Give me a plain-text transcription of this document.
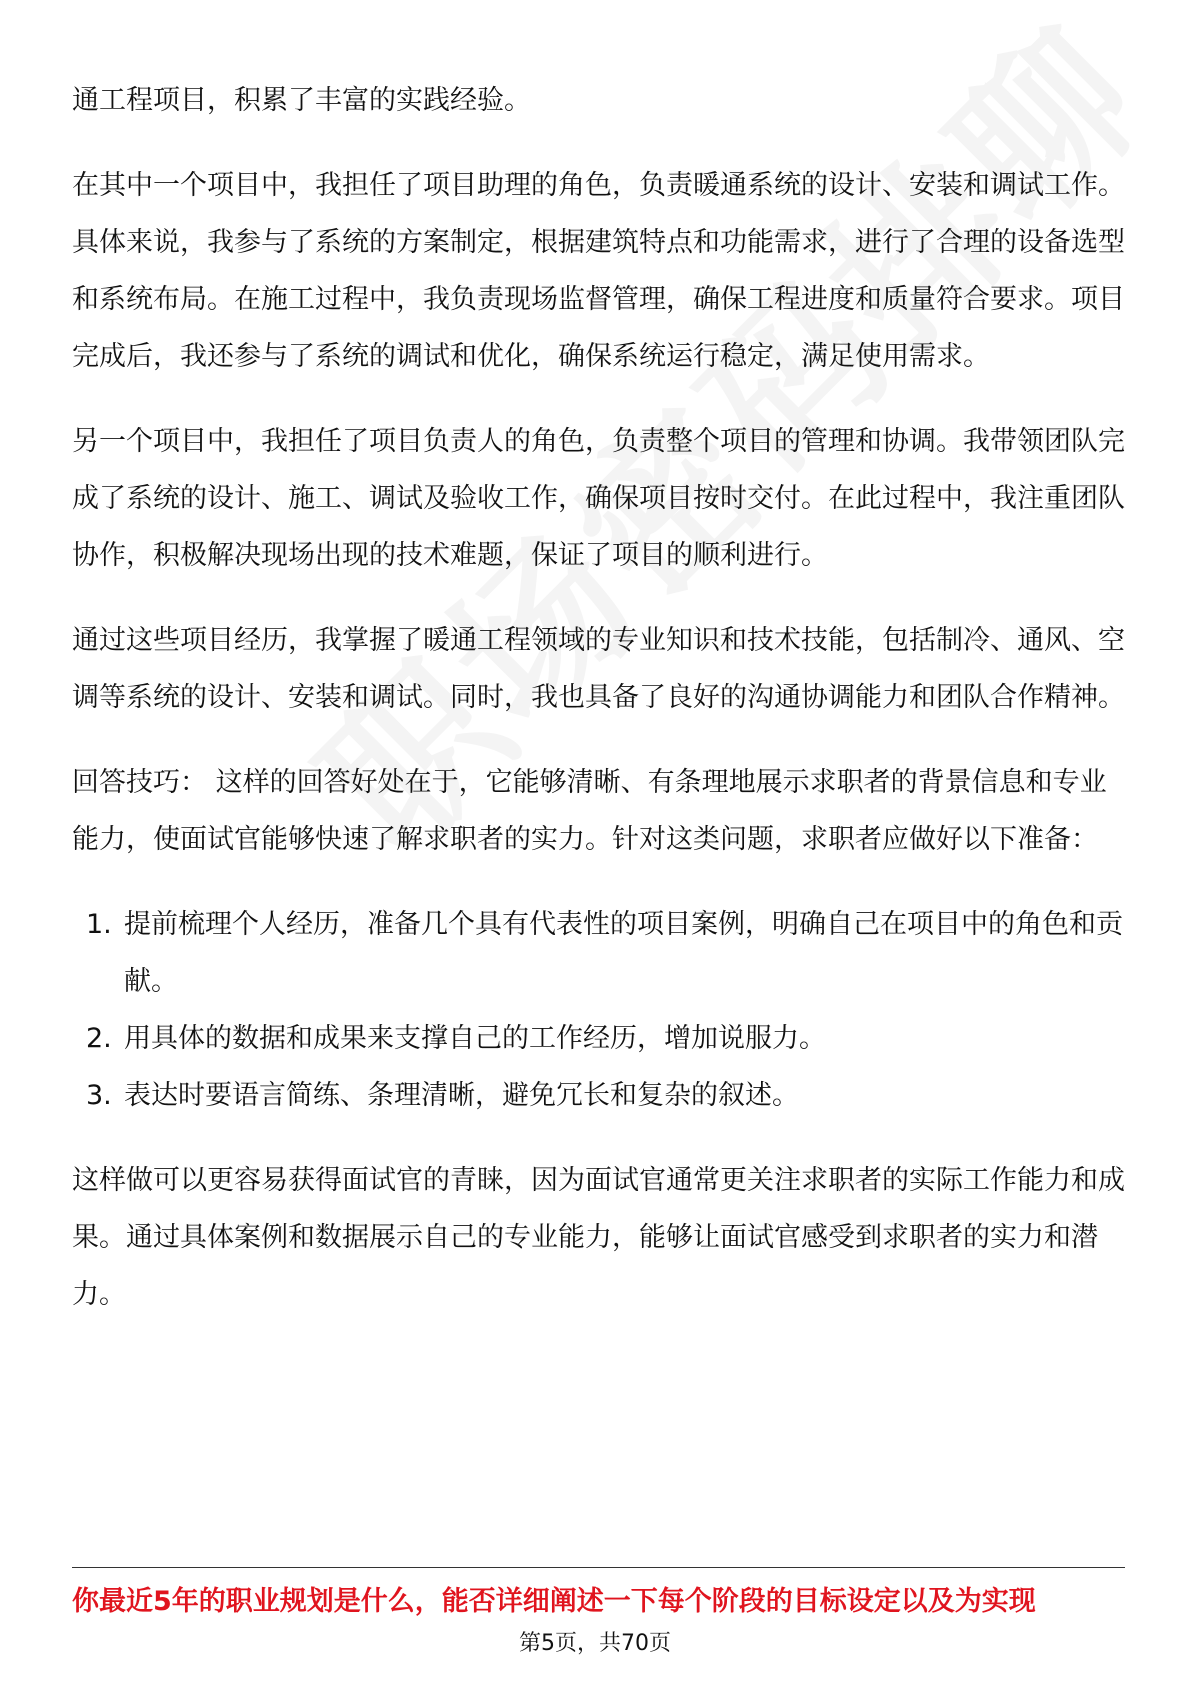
通工程项目，积累了丰富的实践经验。

在其中一个项目中，我担任了项目助理的角色，负责暖通系统的设计、安装和调试工作。具体来说，我参与了系统的方案制定，根据建筑特点和功能需求，进行了合理的设备选型和系统布局。在施工过程中，我负责现场监督管理，确保工程进度和质量符合要求。项目完成后，我还参与了系统的调试和优化，确保系统运行稳定，满足使用需求。

另一个项目中，我担任了项目负责人的角色，负责整个项目的管理和协调。我带领团队完成了系统的设计、施工、调试及验收工作，确保项目按时交付。在此过程中，我注重团队协作，积极解决现场出现的技术难题，保证了项目的顺利进行。

通过这些项目经历，我掌握了暖通工程领域的专业知识和技术技能，包括制冷、通风、空调等系统的设计、安装和调试。同时，我也具备了良好的沟通协调能力和团队合作精神。

回答技巧： 这样的回答好处在于，它能够清晰、有条理地展示求职者的背景信息和专业能力，使面试官能够快速了解求职者的实力。针对这类问题，求职者应做好以下准备：

1. 提前梳理个人经历，准备几个具有代表性的项目案例，明确自己在项目中的角色和贡献。
2. 用具体的数据和成果来支撑自己的工作经历，增加说服力。
3. 表达时要语言简练、条理清晰，避免冗长和复杂的叙述。

这样做可以更容易获得面试官的青睐，因为面试官通常更关注求职者的实际工作能力和成果。通过具体案例和数据展示自己的专业能力，能够让面试官感受到求职者的实力和潜力。

你最近5年的职业规划是什么，能否详细阐述一下每个阶段的目标设定以及为实现
第5页，共70页
